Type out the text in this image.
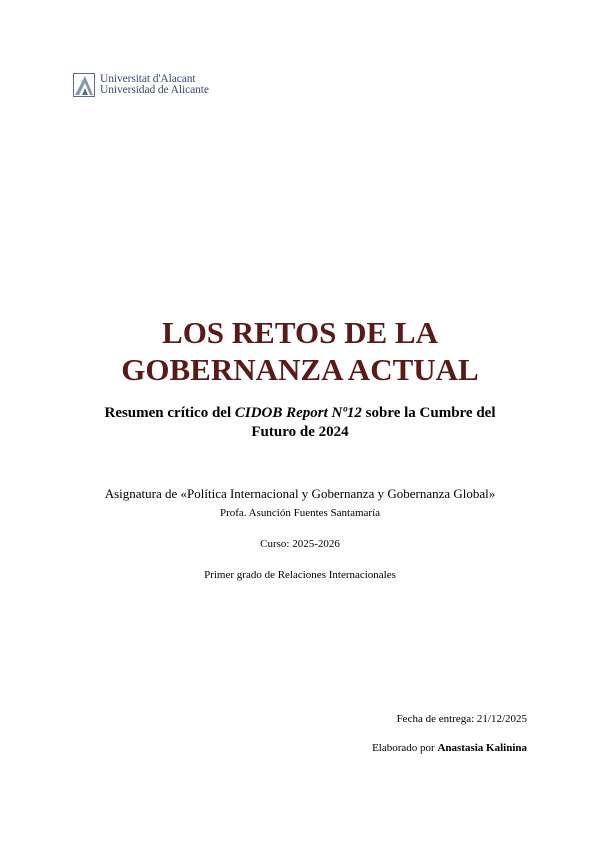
Universitat d'Alacant
Universidad de Alicante
LOS RETOS DE LA
GOBERNANZA ACTUAL
Resumen crítico del CIDOB Report Nº12 sobre la Cumbre del
Futuro de 2024
Asignatura de «Política Internacional y Gobernanza y Gobernanza Global»
Profa. Asunción Fuentes Santamaría
Curso: 2025-2026
Primer grado de Relaciones Internacionales
Fecha de entrega: 21/12/2025
Elaborado por Anastasia Kalinina
